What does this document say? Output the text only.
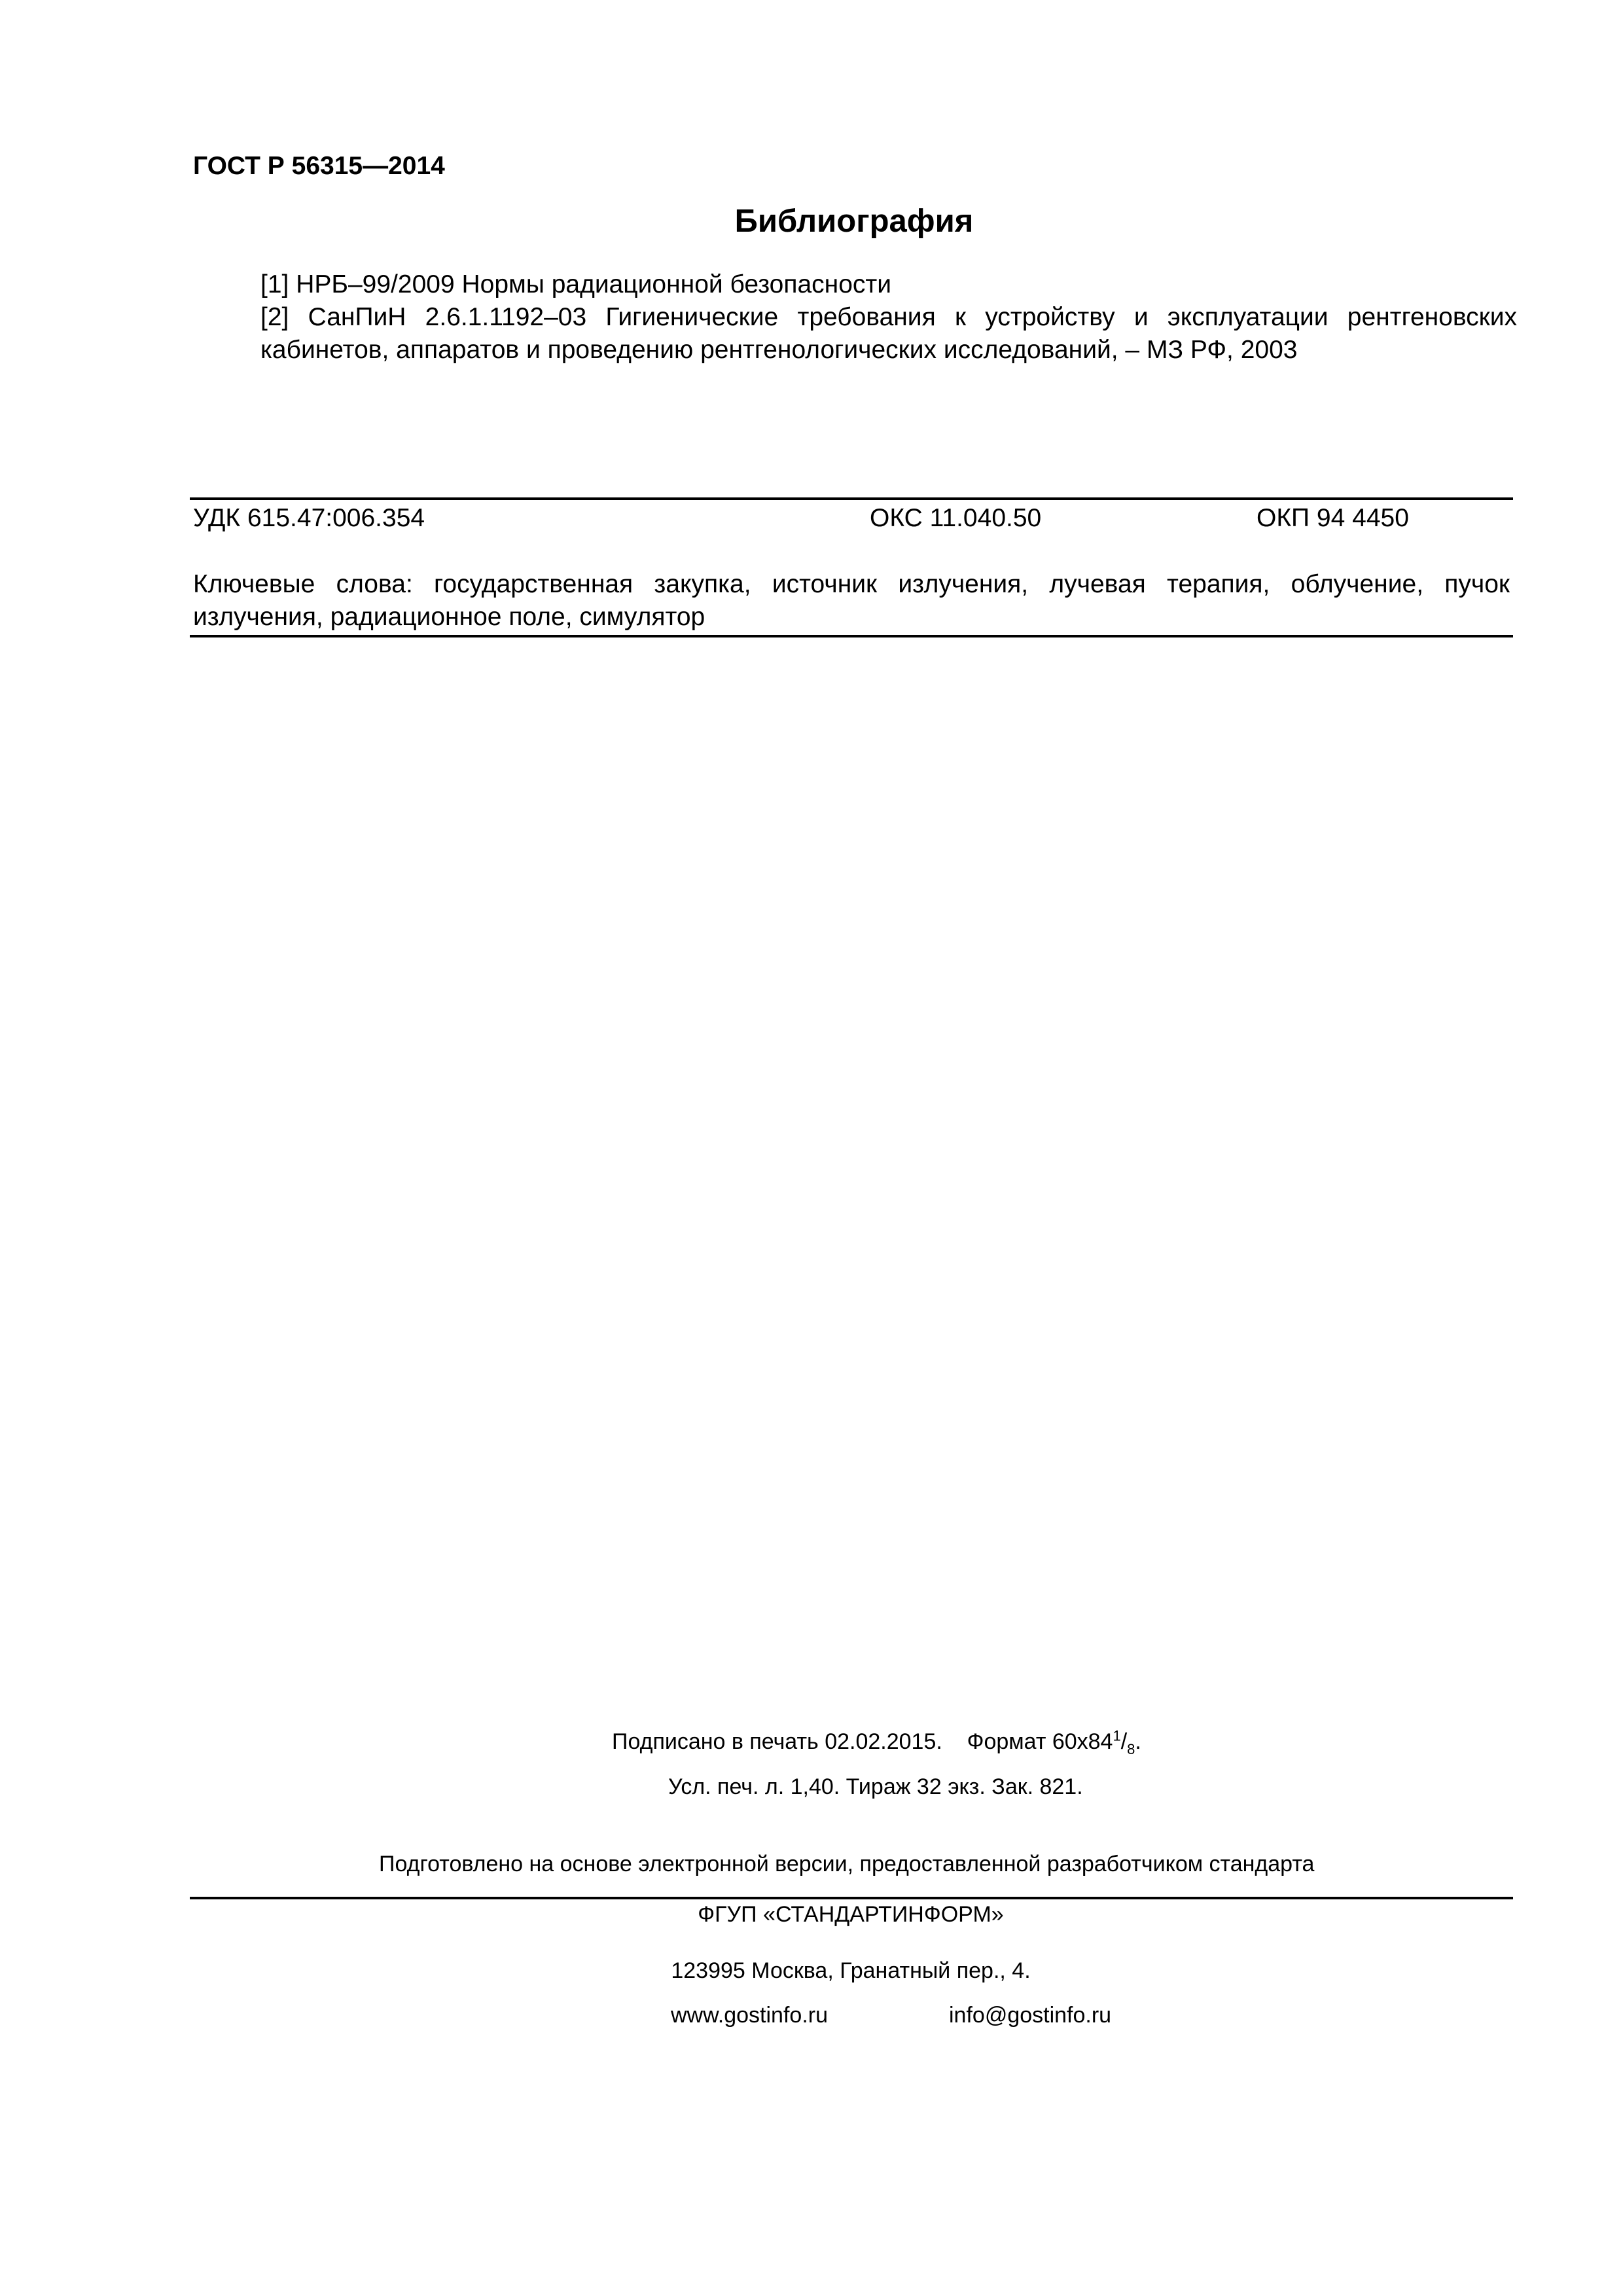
ГОСТ Р 56315—2014
Библиография
[1] НРБ–99/2009 Нормы радиационной безопасности
[2] СанПиН 2.6.1.1192–03 Гигиенические требования к устройству и эксплуатации рентгеновских кабинетов, аппаратов и проведению рентгенологических исследований, – МЗ РФ, 2003
УДК 615.47:006.354	ОКС 11.040.50	ОКП 94 4450
Ключевые слова: государственная закупка, источник излучения, лучевая терапия, облучение, пучок излучения, радиационное поле, симулятор
Подписано в печать 02.02.2015. Формат $60х84^1/_8$.
Усл. печ. л. 1,40. Тираж 32 экз. Зак. 821.
Подготовлено на основе электронной версии, предоставленной разработчиком стандарта
ФГУП «СТАНДАРТИНФОРМ»
123995 Москва, Гранатный пер., 4.
www.gostinfo.ru	info@gostinfo.ru
